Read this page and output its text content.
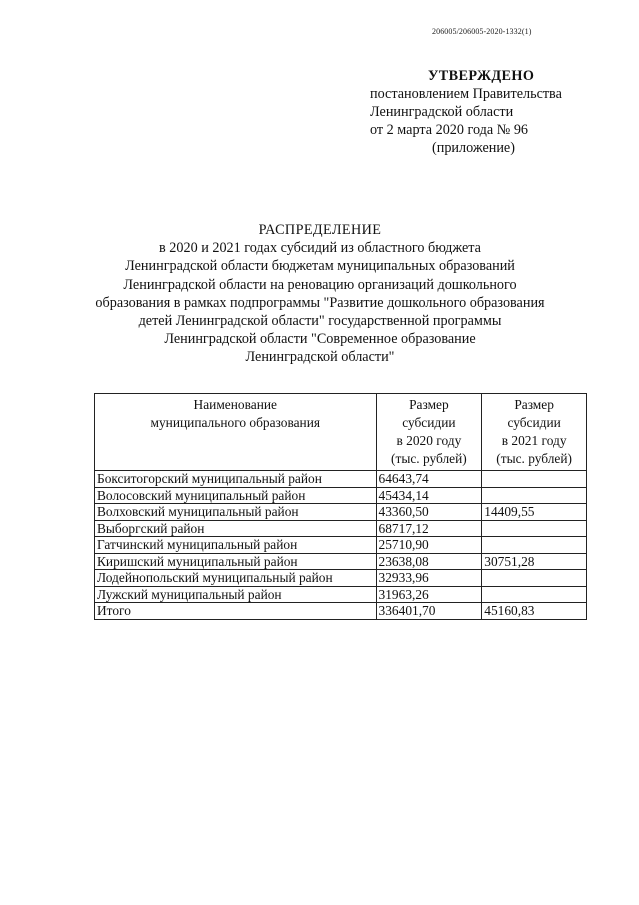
206005/206005-2020-1332(1)
УТВЕРЖДЕНО
постановлением Правительства
Ленинградской области
от 2 марта 2020 года № 96
(приложение)
РАСПРЕДЕЛЕНИЕ
в 2020 и 2021 годах субсидий из областного бюджета
Ленинградской области бюджетам муниципальных образований
Ленинградской области на реновацию организаций дошкольного
образования в рамках подпрограммы "Развитие дошкольного образования
детей Ленинградской области" государственной программы
Ленинградской области "Современное образование
Ленинградской области"
Наименование
муниципального образования	Размер
субсидии
в 2020 году
(тыс. рублей)	Размер
субсидии
в 2021 году
(тыс. рублей)

Бокситогорский муниципальный район	64643,74	
Волосовский муниципальный район	45434,14	
Волховский муниципальный район	43360,50	14409,55
Выборгский район	68717,12	
Гатчинский муниципальный район	25710,90	
Киришский муниципальный район	23638,08	30751,28
Лодейнопольский муниципальный район	32933,96	
Лужский муниципальный район	31963,26	
Итого	336401,70	45160,83
